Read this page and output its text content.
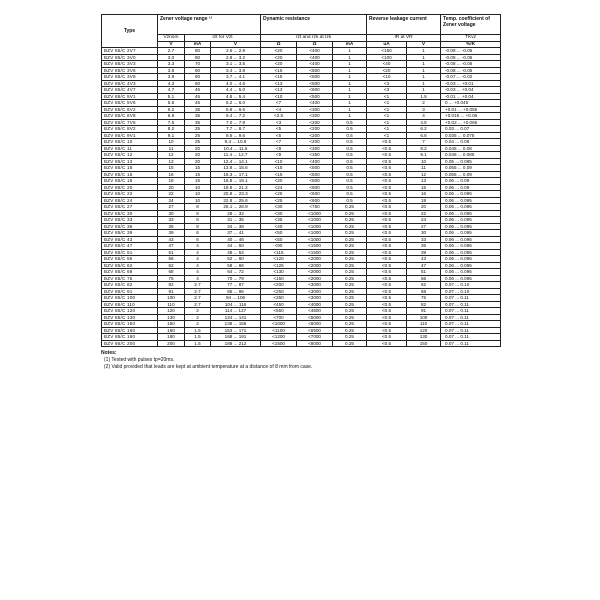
Type	Zener voltage range ¹⁾			Dynamic resistance			Reverse leakage current		Temp. coefficient of Zener voltage
	Vznom	Izt for Vzt		rzt and rzk at Izk			IR at VR		TKvz
	V	mA	V	Ω	Ω	mA	uA	V	%/K
BZV 85/C 2V7	2.7	80	2.5 ... 2.9	<20	<400	1	<150	1	-0.08 ... -0.05
BZV 85/C 3V0	3.0	80	2.8 ... 3.2	<20	<400	1	<100	1	-0.08 ... -0.05
BZV 85/C 3V3	3.3	70	3.1 ... 3.5	<20	<400	1	<40	1	-0.08 ... -0.05
BZV 85/C 3V6	3.6	60	3.4 ... 3.8	<15	<500	1	<20	1	-0.08 ... -0.05
BZV 85/C 3V9	3.9	60	3.7 ... 4.1	<15	<500	1	<10	1	-0.07 ... -0.02
BZV 85/C 4V3	4.3	50	4.0 ... 4.6	<13	<500	1	<3	1	-0.03 ... +0.01
BZV 85/C 4V7	4.7	45	4.4 ... 5.0	<13	<600	1	<3	1	-0.03 ... +0.04
BZV 85/C 5V1	5.1	45	4.8 ... 5.4	<10	<500	1	<1	1.5	-0.01 ... +0.04
BZV 85/C 5V6	5.6	45	5.2 ... 6.0	<7	<400	1	<1	2	0 ... +0.045
BZV 85/C 6V2	6.2	35	5.8 ... 6.6	<4	<300	1	<1	3	+0.01 ... +0.055
BZV 85/C 6V8	6.8	35	6.4 ... 7.2	<3.5	<300	1	<1	4	+0.015 ... +0.06
BZV 85/C 7V5	7.5	35	7.0 ... 7.9	<3	<200	0.5	<1	4.5	+0.02 ... +0.065
BZV 85/C 8V2	8.2	25	7.7 ... 8.7	<5	<200	0.5	<1	6.2	0.03 ... 0.07
BZV 85/C 9V1	9.1	25	8.5 ... 9.6	<5	<200	0.5	<1	6.8	0.035 ... 0.075
BZV 85/C 10	10	25	9.4 ... 10.6	<7	<200	0.5	<0.5	7	0.04 ... 0.08
BZV 85/C 11	11	20	10.4 ... 11.6	<8	<300	0.5	<0.5	8.2	0.045 ... 0.08
BZV 85/C 12	12	20	11.4 ... 12.7	<9	<350	0.5	<0.5	9.1	0.045 ... 0.085
BZV 85/C 13	13	20	12.4 ... 14.1	<10	<400	0.5	<0.5	10	0.05 ... 0.085
BZV 85/C 15	15	15	13.8 ... 15.6	<15	<500	0.5	<0.5	11	0.055 ... 0.09
BZV 85/C 16	16	15	15.3 ... 17.1	<15	<500	0.5	<0.5	12	0.055 ... 0.09
BZV 85/C 18	18	15	16.8 ... 19.1	<20	<500	0.5	<0.5	13	0.06 ... 0.09
BZV 85/C 20	20	10	18.8 ... 21.2	<24	<600	0.5	<0.5	15	0.06 ... 0.09
BZV 85/C 22	22	10	20.8 ... 23.3	<25	<600	0.5	<0.5	16	0.06 ... 0.095
BZV 85/C 24	24	10	22.8 ... 25.6	<25	<600	0.5	<0.5	18	0.06 ... 0.095
BZV 85/C 27	27	8	25.1 ... 28.9	<30	<750	0.25	<0.5	20	0.06 ... 0.095
BZV 85/C 30	30	8	28 ... 32	<30	<1000	0.25	<0.5	22	0.06 ... 0.095
BZV 85/C 33	33	8	31 ... 35	<35	<1000	0.25	<0.5	24	0.06 ... 0.095
BZV 85/C 36	36	8	34 ... 38	<40	<1000	0.25	<0.5	27	0.06 ... 0.095
BZV 85/C 39	39	6	37 ... 41	<50	<1000	0.25	<0.5	30	0.06 ... 0.095
BZV 85/C 43	43	6	40 ... 46	<50	<1000	0.25	<0.5	33	0.06 ... 0.095
BZV 85/C 47	47	4	44 ... 50	<90	<1500	0.25	<0.5	36	0.06 ... 0.095
BZV 85/C 51	51	4	48 ... 54	<115	<1500	0.25	<0.5	39	0.06 ... 0.095
BZV 85/C 56	56	4	52 ... 60	<120	<2000	0.25	<0.5	43	0.06 ... 0.095
BZV 85/C 62	62	4	58 ... 66	<125	<2000	0.25	<0.5	47	0.06 ... 0.095
BZV 85/C 68	68	4	64 ... 72	<130	<2000	0.25	<0.5	51	0.06 ... 0.095
BZV 85/C 75	75	4	70 ... 79	<150	<2000	0.25	<0.5	56	0.06 ... 0.095
BZV 85/C 82	82	2.7	77 ... 87	<200	<3000	0.25	<0.5	62	0.07 ... 0.10
BZV 85/C 91	91	2.7	85 ... 96	<250	<3000	0.25	<0.5	68	0.07 ... 0.10
BZV 85/C 100	100	2.7	94 ... 106	<350	<3000	0.25	<0.5	75	0.07 ... 0.11
BZV 85/C 110	110	2.7	104 ... 116	<450	<4000	0.25	<0.5	82	0.07 ... 0.11
BZV 85/C 120	120	2	114 ... 127	<550	<4500	0.25	<0.5	91	0.07 ... 0.11
BZV 85/C 130	130	2	124 ... 141	<700	<5000	0.25	<0.5	100	0.07 ... 0.11
BZV 85/C 150	150	2	138 ... 156	<1000	<6000	0.25	<0.5	110	0.07 ... 0.11
BZV 85/C 160	160	1.5	153 ... 171	<1100	<6500	0.25	<0.5	120	0.07 ... 0.11
BZV 85/C 180	180	1.5	168 ... 191	<1200	<7000	0.25	<0.5	130	0.07 ... 0.11
BZV 85/C 200	200	1.5	188 ... 212	<1500	<8000	0.25	<0.5	150	0.07 ... 0.11
Notes:
(1) Tested with pulses tp=20ms.
(2) Valid provided that leads are kept at ambient temperature at a distance of 8 mm from case.
